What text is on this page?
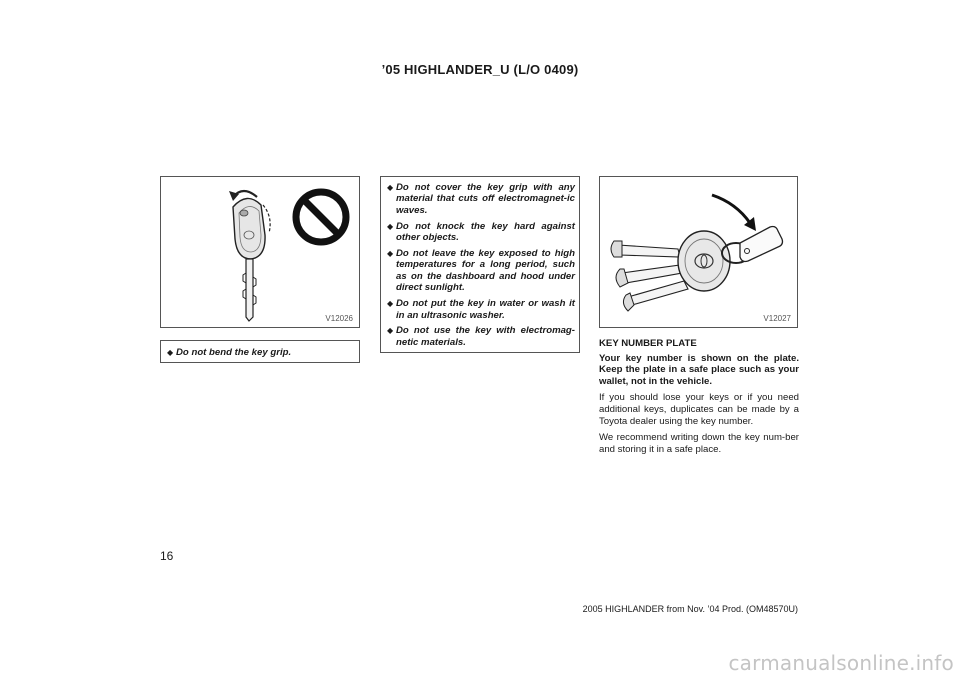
’05 HIGHLANDER_U (L/O 0409)
V12026
◆ Do not bend the key grip.
◆ Do not cover the key grip with any material that cuts off electromagnet-ic waves.
◆ Do not knock the key hard against other objects.
◆ Do not leave the key exposed to high temperatures for a long period, such as on the dashboard and hood under direct sunlight.
◆ Do not put the key in water or wash it in an ultrasonic washer.
◆ Do not use the key with electromag-netic materials.
V12027
KEY NUMBER PLATE
Your key number is shown on the plate. Keep the plate in a safe place such as your wallet, not in the vehicle.
If you should lose your keys or if you need additional keys, duplicates can be made by a Toyota dealer using the key number.
We recommend writing down the key num-ber and storing it in a safe place.
16
2005 HIGHLANDER from Nov. ’04 Prod. (OM48570U)
carmanualsonline.info
